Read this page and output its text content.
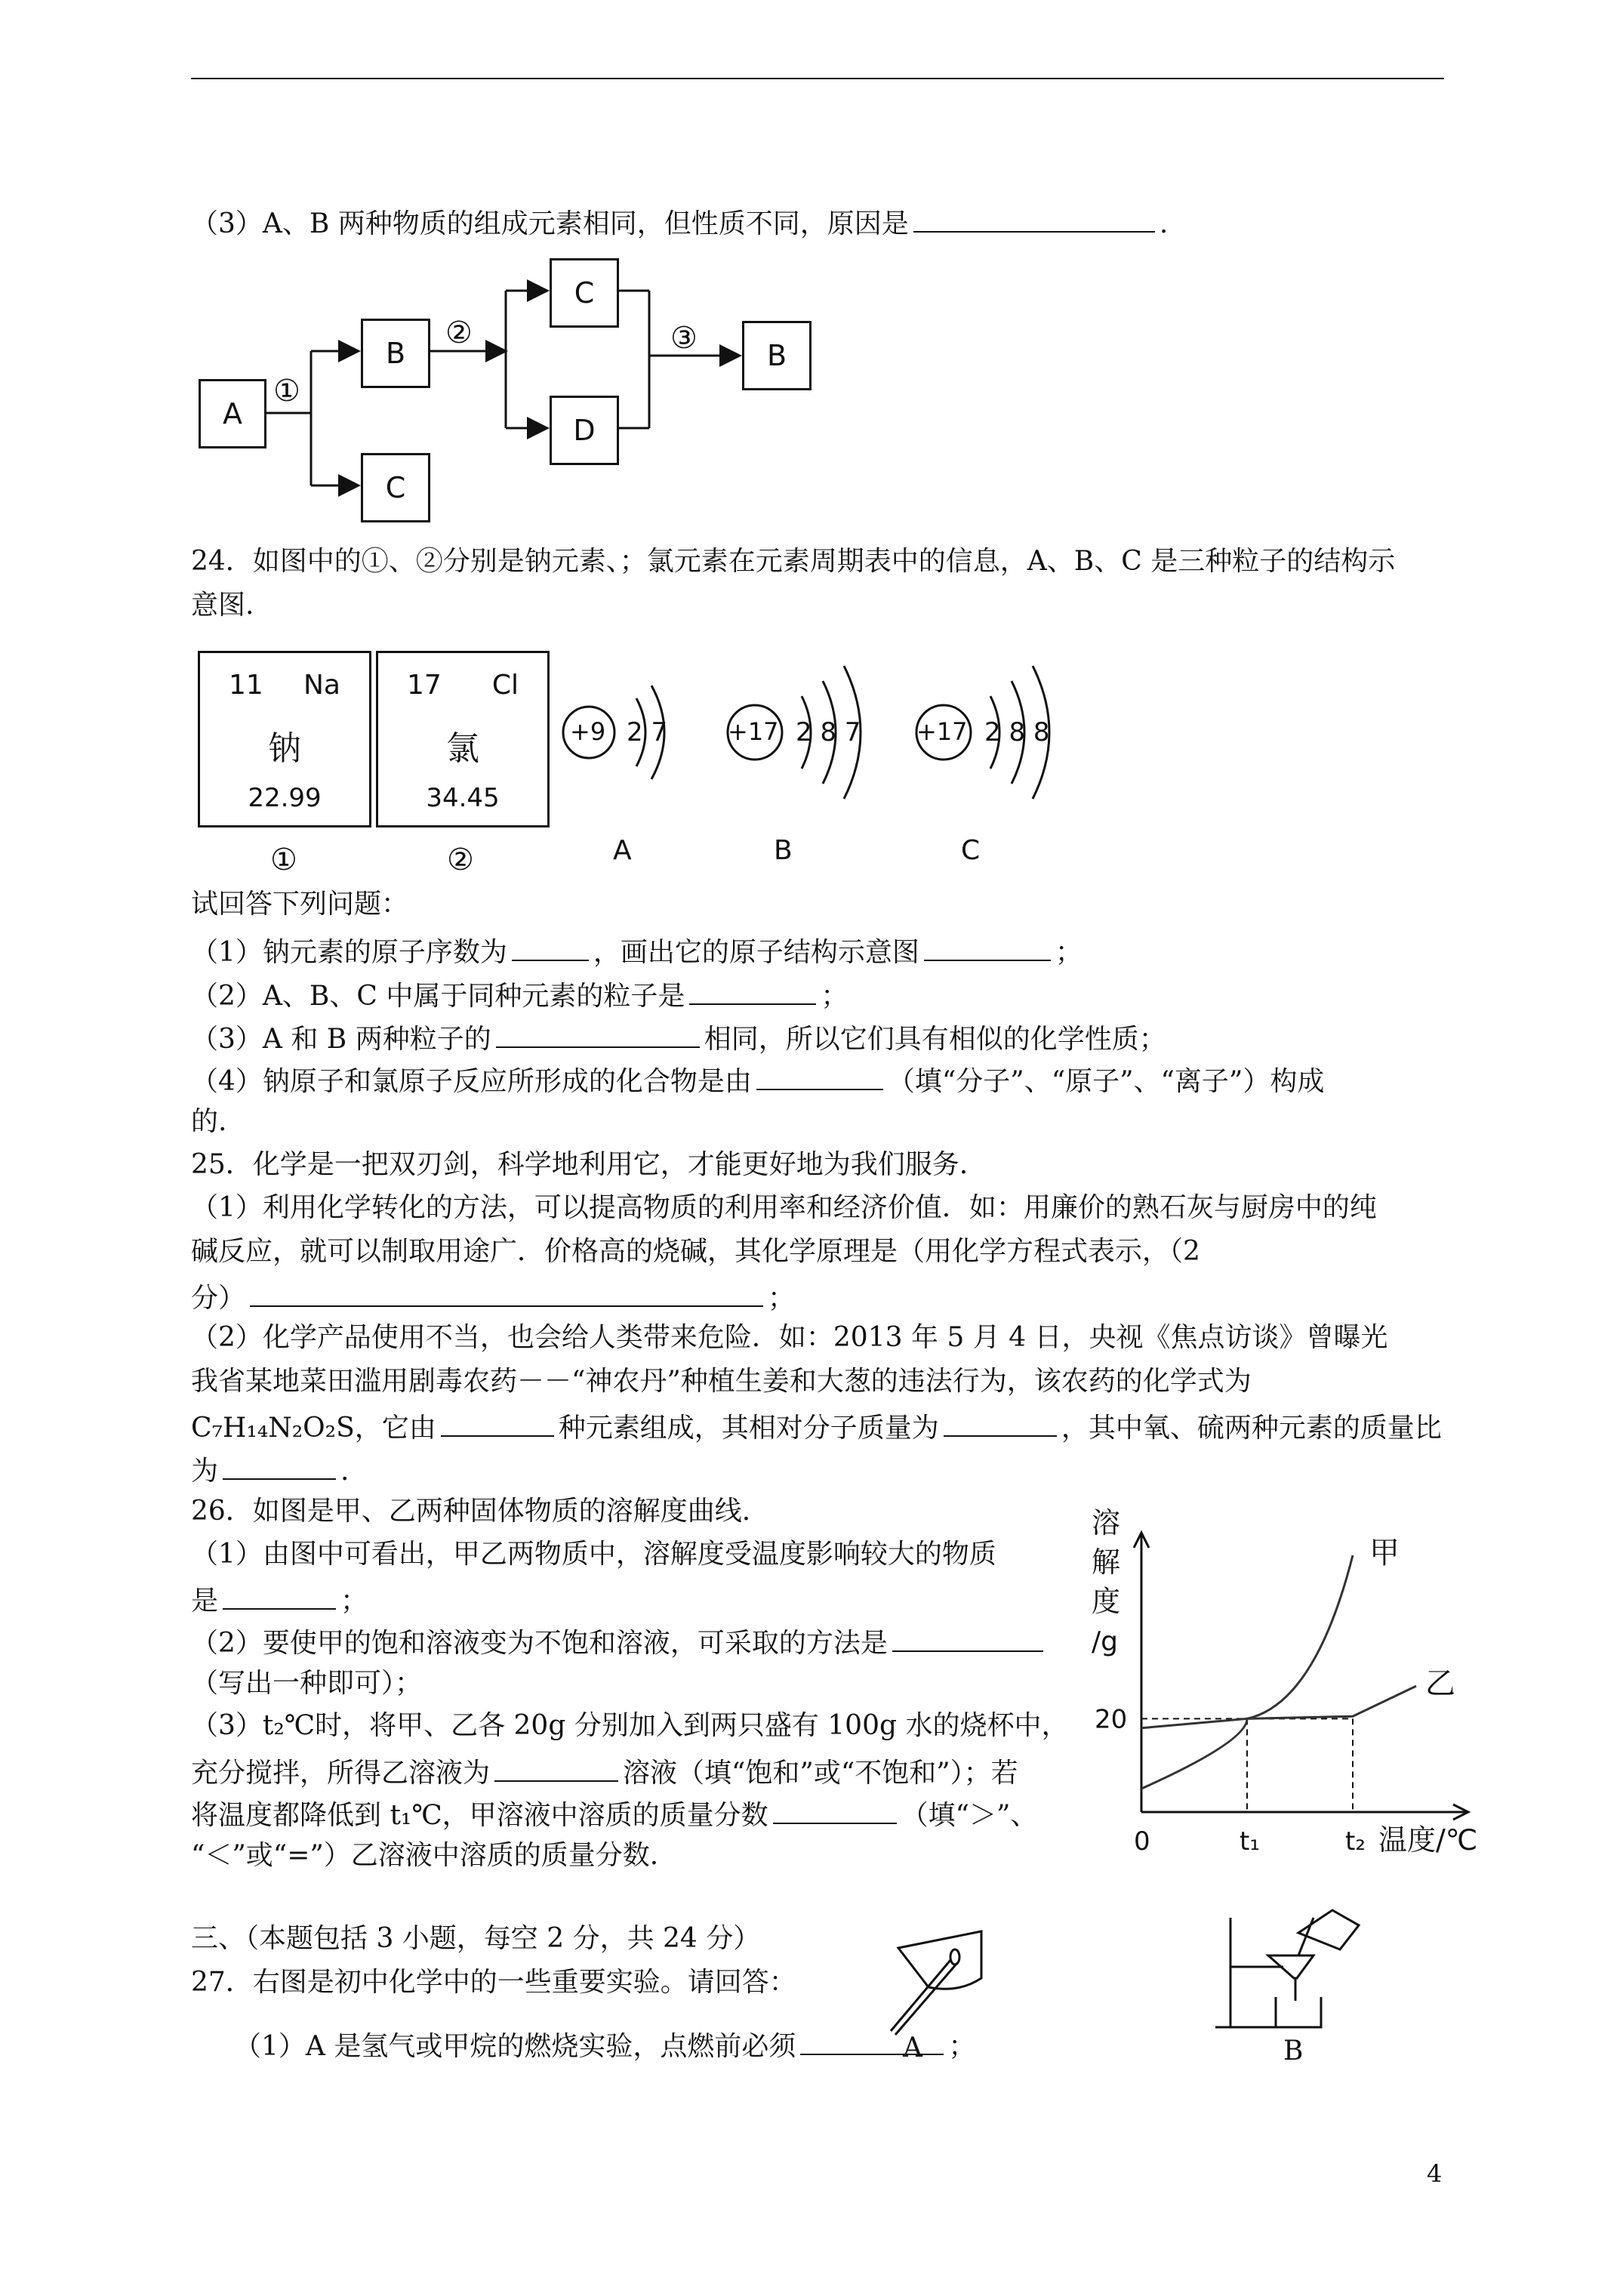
（3）A、B 两种物质的组成元素相同，但性质不同，原因是	.
A
B
C
C
D
B
①
②	③
24．如图中的①、②分别是钠元素、；氯元素在元素周期表中的信息，A、B、C 是三种粒子的结构示
意图.
11 Na
钠
22.99
①
17 Cl
氯
34.45
②
+9 2 7
A
+17 2 8 7
B
+17 2 8 8
C
试回答下列问题：
（1）钠元素的原子序数为	，画出它的原子结构示意图	；
（2）A、B、C 中属于同种元素的粒子是	；
（3）A 和 B 两种粒子的	相同，所以它们具有相似的化学性质；
（4）钠原子和氯原子反应所形成的化合物是由	（填“分子”、“原子”、“离子”）构成
的.
25．化学是一把双刃剑，科学地利用它，才能更好地为我们服务.
（1）利用化学转化的方法，可以提高物质的利用率和经济价值．如：用廉价的熟石灰与厨房中的纯
碱反应，就可以制取用途广．价格高的烧碱，其化学原理是（用化学方程式表示，（2
分）	；
（2）化学产品使用不当，也会给人类带来危险．如：2013 年 5 月 4 日，央视《焦点访谈》曾曝光
我省某地菜田滥用剧毒农药－－“神农丹”种植生姜和大葱的违法行为，该农药的化学式为
C₇H₁₄N₂O₂S，它由	种元素组成，其相对分子质量为	，其中氧、硫两种元素的质量比
为	.
26．如图是甲、乙两种固体物质的溶解度曲线.
（1）由图中可看出，甲乙两物质中，溶解度受温度影响较大的物质
是	；
（2）要使甲的饱和溶液变为不饱和溶液，可采取的方法是
（写出一种即可）；
（3）t₂℃时，将甲、乙各 20g 分别加入到两只盛有 100g 水的烧杯中，
充分搅拌，所得乙溶液为	溶液（填“饱和”或“不饱和”）；若
将温度都降低到 t₁℃，甲溶液中溶质的质量分数	（填“＞”、
“＜”或“=”）乙溶液中溶质的质量分数.
甲
乙
0	t₁	t₂
20
溶
解
度
/g
温度/℃
三、（本题包括 3 小题，每空 2 分，共 24 分）
27．右图是初中化学中的一些重要实验。请回答：
（1）A 是氢气或甲烷的燃烧实验，点燃前必须	；
A	B
4
